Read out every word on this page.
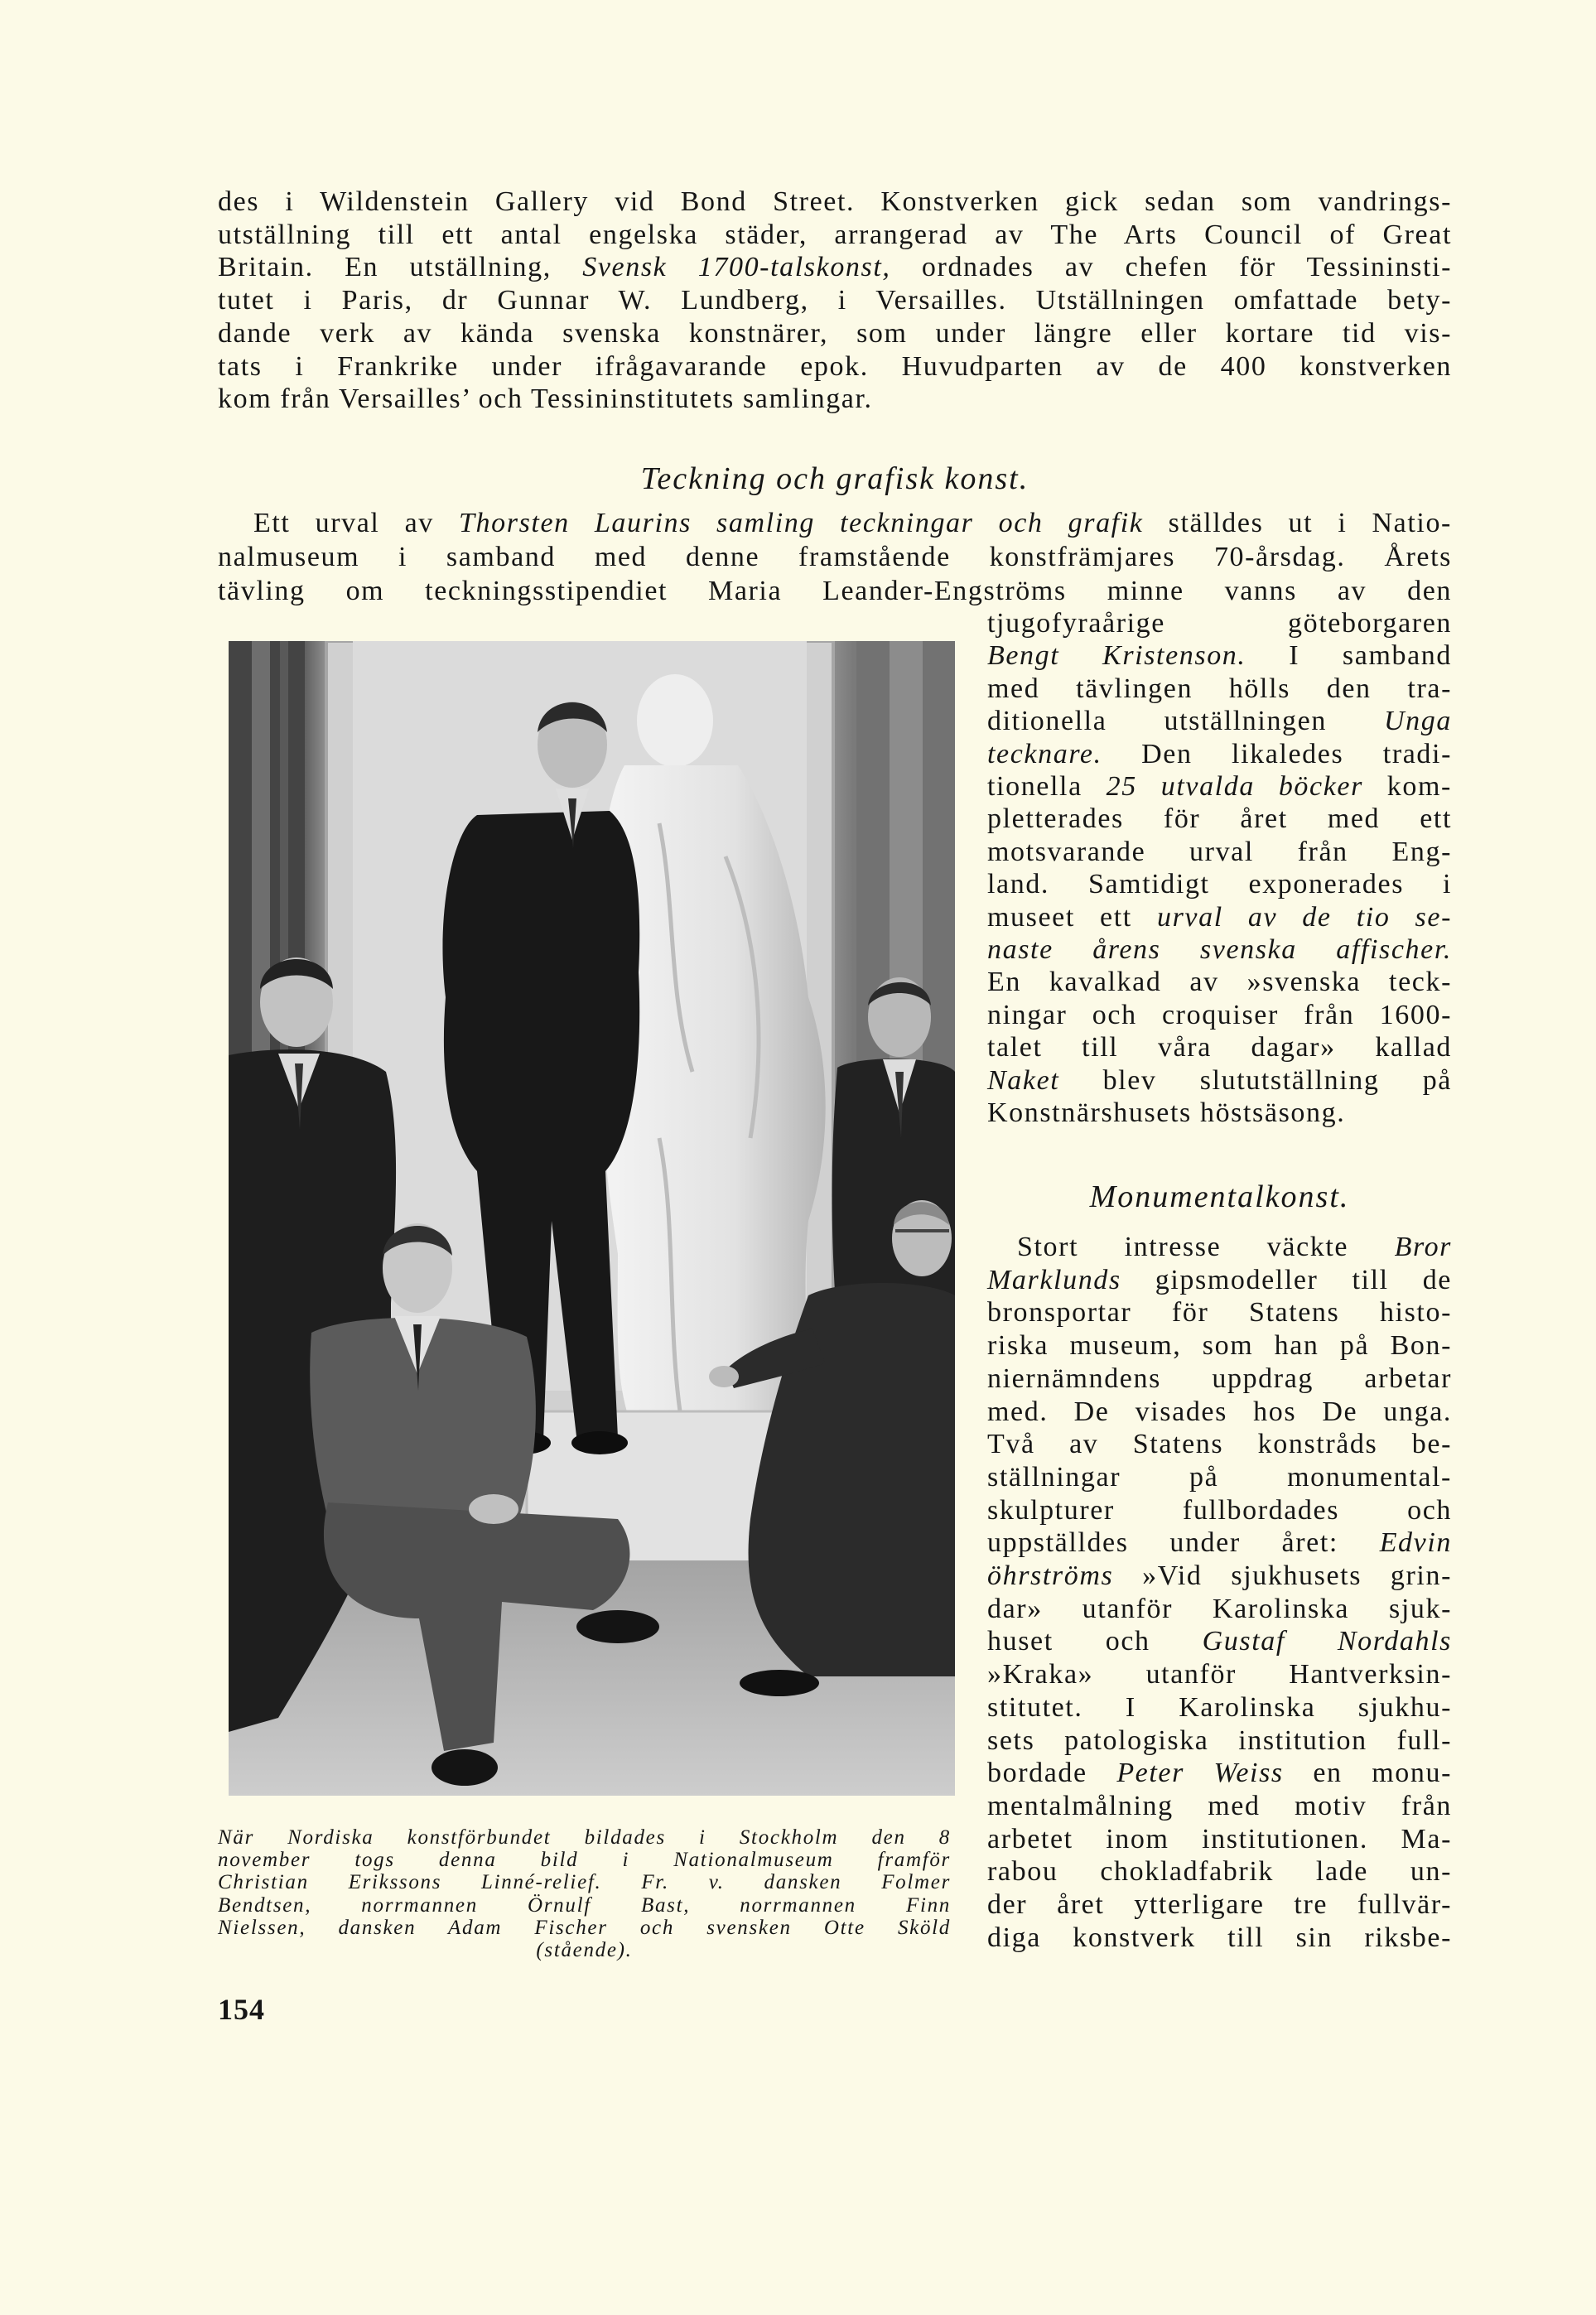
des i Wildenstein Gallery vid Bond Street. Konstverken gick sedan som vandrings-
utställning till ett antal engelska städer, arrangerad av The Arts Council of Great
Britain. En utställning, Svensk 1700-talskonst, ordnades av chefen för Tessininsti-
tutet i Paris, dr Gunnar W. Lundberg, i Versailles. Utställningen omfattade bety-
dande verk av kända svenska konstnärer, som under längre eller kortare tid vis-
tats i Frankrike under ifrågavarande epok. Huvudparten av de 400 konstverken
kom från Versailles’ och Tessininstitutets samlingar.
Teckning och grafisk konst.
Ett urval av Thorsten Laurins samling teckningar och grafik ställdes ut i Natio-
nalmuseum i samband med denne framstående konstfrämjares 70-årsdag. Årets
tävling om teckningsstipendiet Maria Leander-Engströms minne vanns av den
tjugofyraårige göteborgaren
Bengt Kristenson. I samband
med tävlingen hölls den tra-
ditionella utställningen Unga
tecknare. Den likaledes tradi-
tionella 25 utvalda böcker kom-
pletterades för året med ett
motsvarande urval från Eng-
land. Samtidigt exponerades i
museet ett urval av de tio se-
naste årens svenska affischer.
En kavalkad av »svenska teck-
ningar och croquiser från 1600-
talet till våra dagar» kallad
Naket blev slututställning på
Konstnärshusets höstsäsong.
När Nordiska konstförbundet bildades i Stockholm den 8
november togs denna bild i Nationalmuseum framför
Christian Erikssons Linné-relief. Fr. v. dansken Folmer
Bendtsen, norrmannen Örnulf Bast, norrmannen Finn
Nielssen, dansken Adam Fischer och svensken Otte Sköld
(stående).
Monumentalkonst.
Stort intresse väckte Bror
Marklunds gipsmodeller till de
bronsportar för Statens histo-
riska museum, som han på Bon-
niernämndens uppdrag arbetar
med. De visades hos De unga.
Två av Statens konstråds be-
ställningar på monumental-
skulpturer fullbordades och
uppställdes under året: Edvin
öhrströms »Vid sjukhusets grin-
dar» utanför Karolinska sjuk-
huset och Gustaf Nordahls
»Kraka» utanför Hantverksin-
stitutet. I Karolinska sjukhu-
sets patologiska institution full-
bordade Peter Weiss en monu-
mentalmålning med motiv från
arbetet inom institutionen. Ma-
rabou chokladfabrik lade un-
der året ytterligare tre fullvär-
diga konstverk till sin riksbe-
154
